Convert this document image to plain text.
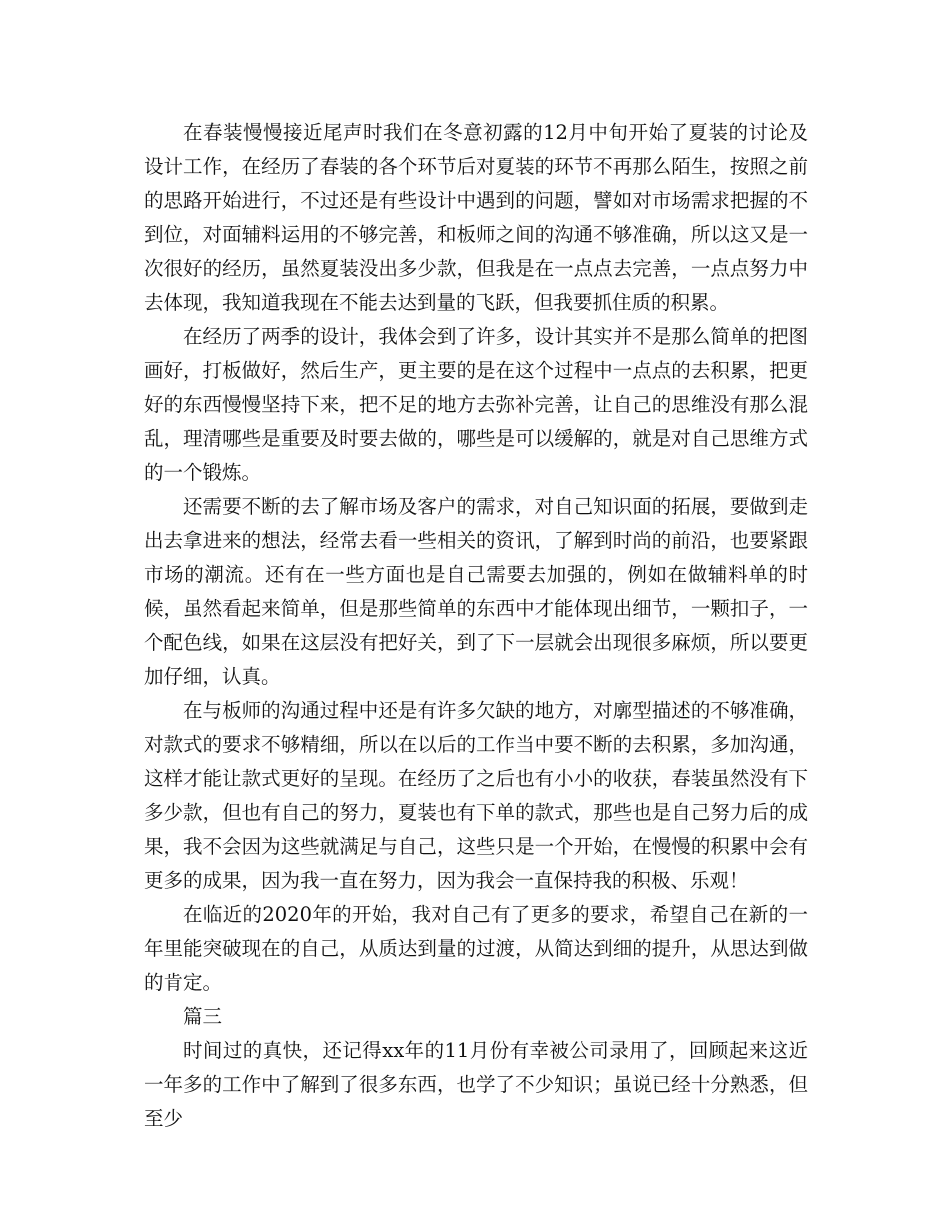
在春装慢慢接近尾声时我们在冬意初露的12月中旬开始了夏装的讨论及设计工作，在经历了春装的各个环节后对夏装的环节不再那么陌生，按照之前的思路开始进行，不过还是有些设计中遇到的问题，譬如对市场需求把握的不到位，对面辅料运用的不够完善，和板师之间的沟通不够准确，所以这又是一次很好的经历，虽然夏装没出多少款，但我是在一点点去完善，一点点努力中去体现，我知道我现在不能去达到量的飞跃，但我要抓住质的积累。

在经历了两季的设计，我体会到了许多，设计其实并不是那么简单的把图画好，打板做好，然后生产，更主要的是在这个过程中一点点的去积累，把更好的东西慢慢坚持下来，把不足的地方去弥补完善，让自己的思维没有那么混乱，理清哪些是重要及时要去做的，哪些是可以缓解的，就是对自己思维方式的一个锻炼。

还需要不断的去了解市场及客户的需求，对自己知识面的拓展，要做到走出去拿进来的想法，经常去看一些相关的资讯，了解到时尚的前沿，也要紧跟市场的潮流。还有在一些方面也是自己需要去加强的，例如在做辅料单的时候，虽然看起来简单，但是那些简单的东西中才能体现出细节，一颗扣子，一个配色线，如果在这层没有把好关，到了下一层就会出现很多麻烦，所以要更加仔细，认真。

在与板师的沟通过程中还是有许多欠缺的地方，对廓型描述的不够准确，对款式的要求不够精细，所以在以后的工作当中要不断的去积累，多加沟通，这样才能让款式更好的呈现。在经历了之后也有小小的收获，春装虽然没有下多少款，但也有自己的努力，夏装也有下单的款式，那些也是自己努力后的成果，我不会因为这些就满足与自己，这些只是一个开始，在慢慢的积累中会有更多的成果，因为我一直在努力，因为我会一直保持我的积极、乐观！

在临近的2020年的开始，我对自己有了更多的要求，希望自己在新的一年里能突破现在的自己，从质达到量的过渡，从简达到细的提升，从思达到做的肯定。

篇三

时间过的真快，还记得xx年的11月份有幸被公司录用了，回顾起来这近一年多的工作中了解到了很多东西，也学了不少知识；虽说已经十分熟悉，但至少
